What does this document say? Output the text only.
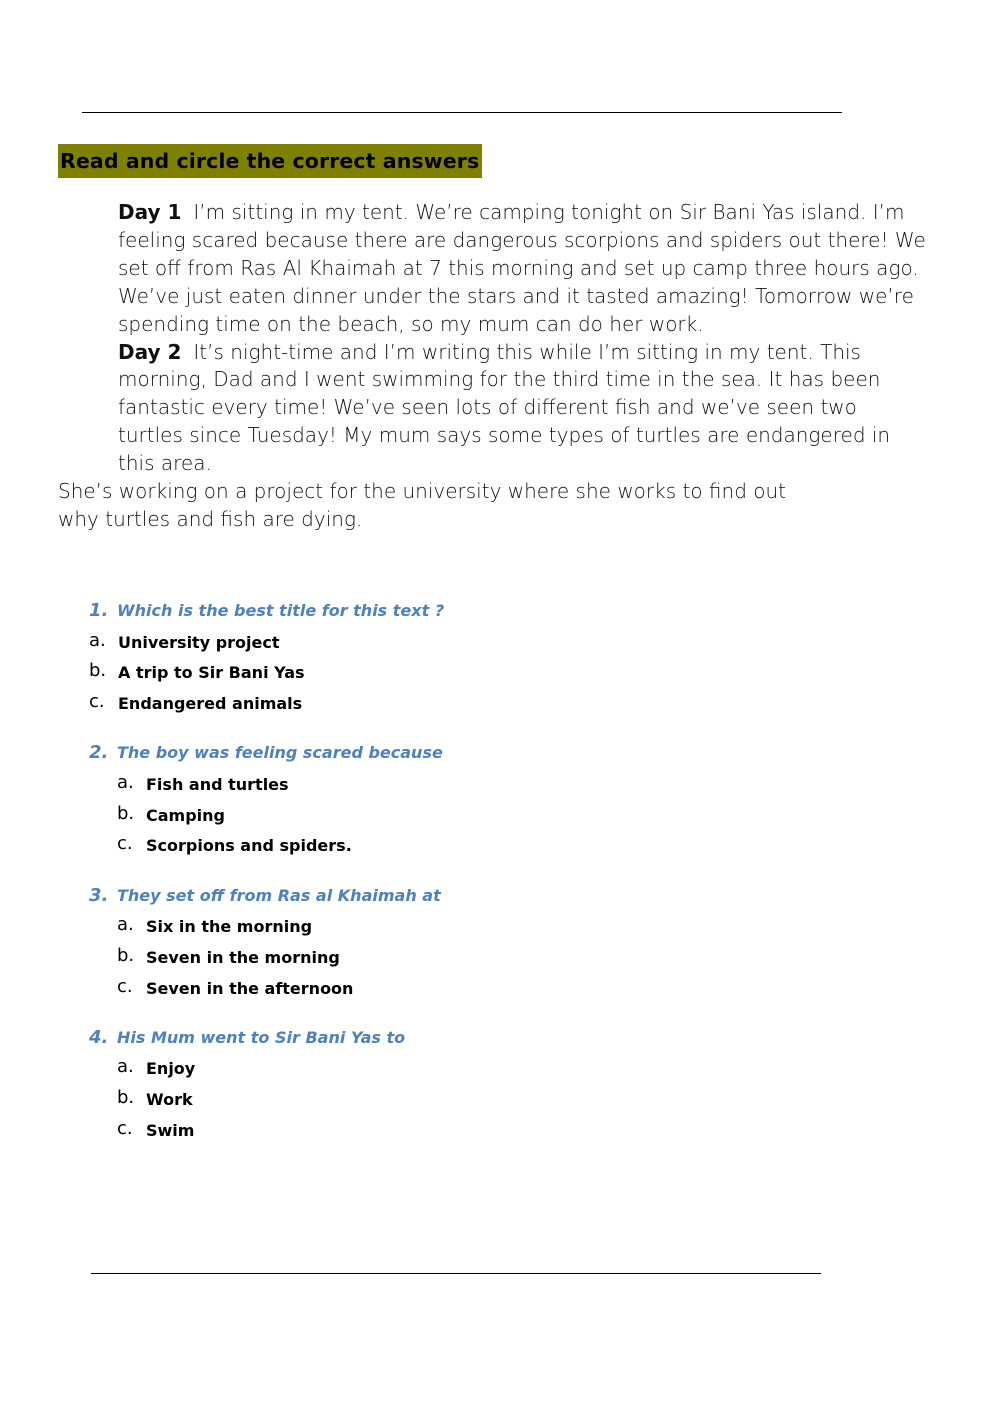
Read and circle the correct answers

Day 1 I’m sitting in my tent. We’re camping tonight on Sir Bani Yas island. I’m feeling scared because there are dangerous scorpions and spiders out there! We set off from Ras Al Khaimah at 7 this morning and set up camp three hours ago. We’ve just eaten dinner under the stars and it tasted amazing! Tomorrow we’re spending time on the beach, so my mum can do her work.

Day 2 It’s night-time and I’m writing this while I’m sitting in my tent. This morning, Dad and I went swimming for the third time in the sea. It has been fantastic every time! We’ve seen lots of different fish and we’ve seen two turtles since Tuesday! My mum says some types of turtles are endangered in this area.

She’s working on a project for the university where she works to find out

why turtles and fish are dying.

1. Which is the best title for this text ?
a. University project
b. A trip to Sir Bani Yas
c. Endangered animals
2. The boy was feeling scared because
a. Fish and turtles
b. Camping
c. Scorpions and spiders.
3. They set off from Ras al Khaimah at
a. Six in the morning
b. Seven in the morning
c. Seven in the afternoon
4. His Mum went to Sir Bani Yas to
a. Enjoy
b. Work
c. Swim
